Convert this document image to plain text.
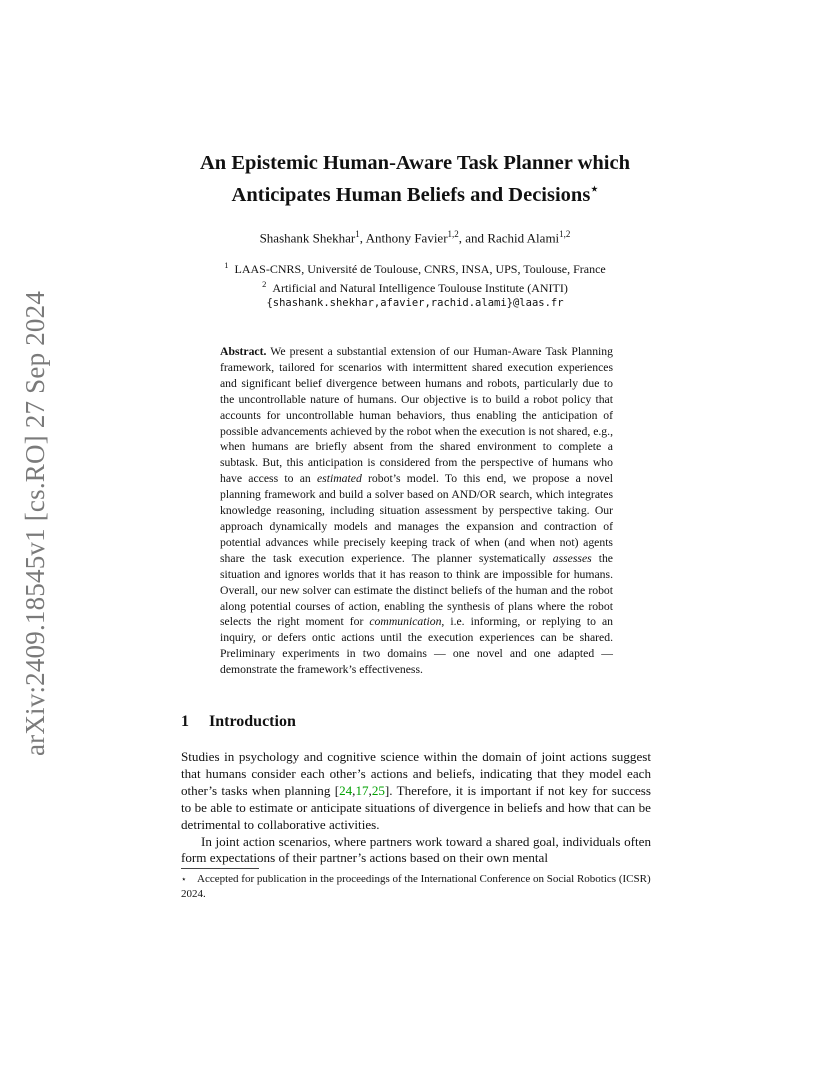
arXiv:2409.18545v1 [cs.RO] 27 Sep 2024
An Epistemic Human-Aware Task Planner which
Anticipates Human Beliefs and Decisions⋆
Shashank Shekhar$^1$, Anthony Favier$^{1,2}$, and Rachid Alami$^{1,2}$
$^1$ LAAS-CNRS, Université de Toulouse, CNRS, INSA, UPS, Toulouse, France
$^2$ Artificial and Natural Intelligence Toulouse Institute (ANITI)
{shashank.shekhar,afavier,rachid.alami}@laas.fr
Abstract. We present a substantial extension of our Human-Aware Task Planning framework, tailored for scenarios with intermittent shared execution experiences and significant belief divergence between humans and robots, particularly due to the uncontrollable nature of humans. Our objective is to build a robot policy that accounts for uncontrollable human behaviors, thus enabling the anticipation of possible advancements achieved by the robot when the execution is not shared, e.g., when humans are briefly absent from the shared environment to complete a subtask. But, this anticipation is considered from the perspective of humans who have access to an estimated robot’s model. To this end, we propose a novel planning framework and build a solver based on AND/OR search, which integrates knowledge reasoning, including situation assessment by perspective taking. Our approach dynamically models and manages the expansion and contraction of potential advances while precisely keeping track of when (and when not) agents share the task execution experience. The planner systematically assesses the situation and ignores worlds that it has reason to think are impossible for humans. Overall, our new solver can estimate the distinct beliefs of the human and the robot along potential courses of action, enabling the synthesis of plans where the robot selects the right moment for communication, i.e. informing, or replying to an inquiry, or defers ontic actions until the execution experiences can be shared. Preliminary experiments in two domains — one novel and one adapted — demonstrate the framework’s effectiveness.
1 Introduction

Studies in psychology and cognitive science within the domain of joint actions suggest that humans consider each other’s actions and beliefs, indicating that they model each other’s tasks when planning [24,17,25]. Therefore, it is important if not key for success to be able to estimate or anticipate situations of divergence in beliefs and how that can be detrimental to collaborative activities.

In joint action scenarios, where partners work toward a shared goal, individuals often form expectations of their partner’s actions based on their own mental

⋆ Accepted for publication in the proceedings of the International Conference on Social Robotics (ICSR) 2024.
